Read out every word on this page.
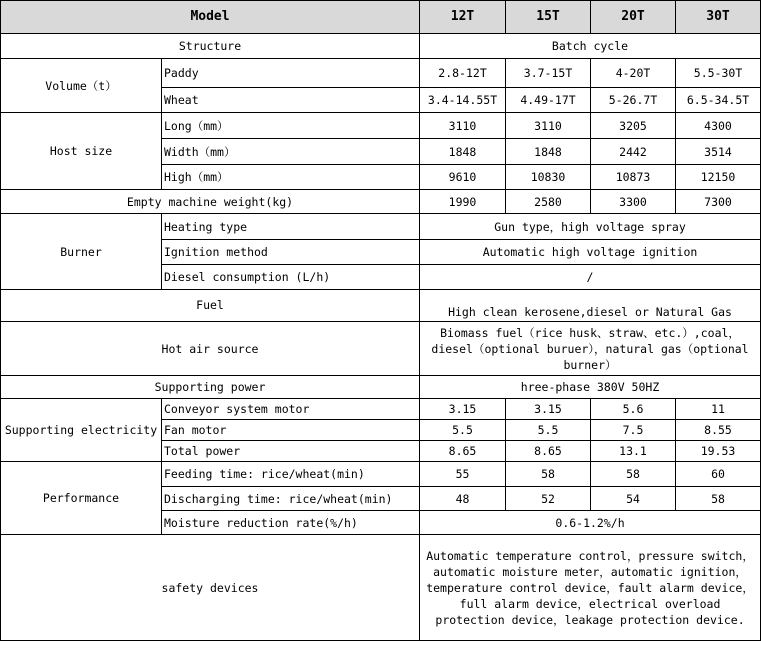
Model		12T	15T	20T	30T
Structure		Batch cycle			
Volume（t）	Paddy	2.8-12T	3.7-15T	4-20T	5.5-30T
	Wheat	3.4-14.55T	4.49-17T	5-26.7T	6.5-34.5T
Host size	Long（mm）	3110	3110	3205	4300
	Width（mm）	1848	1848	2442	3514
	High（mm）	9610	10830	10873	12150
Empty machine weight(kg)		1990	2580	3300	7300
Burner	Heating type	Gun type，high voltage spray			
	Ignition method	Automatic high voltage ignition			
	Diesel consumption (L/h)	/			
Fuel		High clean kerosene,diesel or Natural Gas			
Hot air source		Biomass fuel（rice husk、straw、etc.）,coal，diesel（optional buruer），natural gas（optional burner）			
Supporting power		hree-phase 380V 50HZ			
Supporting electricity	Conveyor system motor	3.15	3.15	5.6	11
	Fan motor	5.5	5.5	7.5	8.55
	Total power	8.65	8.65	13.1	19.53
Performance	Feeding time: rice/wheat(min)	55	58	58	60
	Discharging time: rice/wheat(min)	48	52	54	58
	Moisture reduction rate(%/h)	0.6-1.2%/h			
safety devices		Automatic temperature control，pressure switch，automatic moisture meter，automatic ignition，temperature control device，fault alarm device，full alarm device，electrical overload protection device，leakage protection device.			
